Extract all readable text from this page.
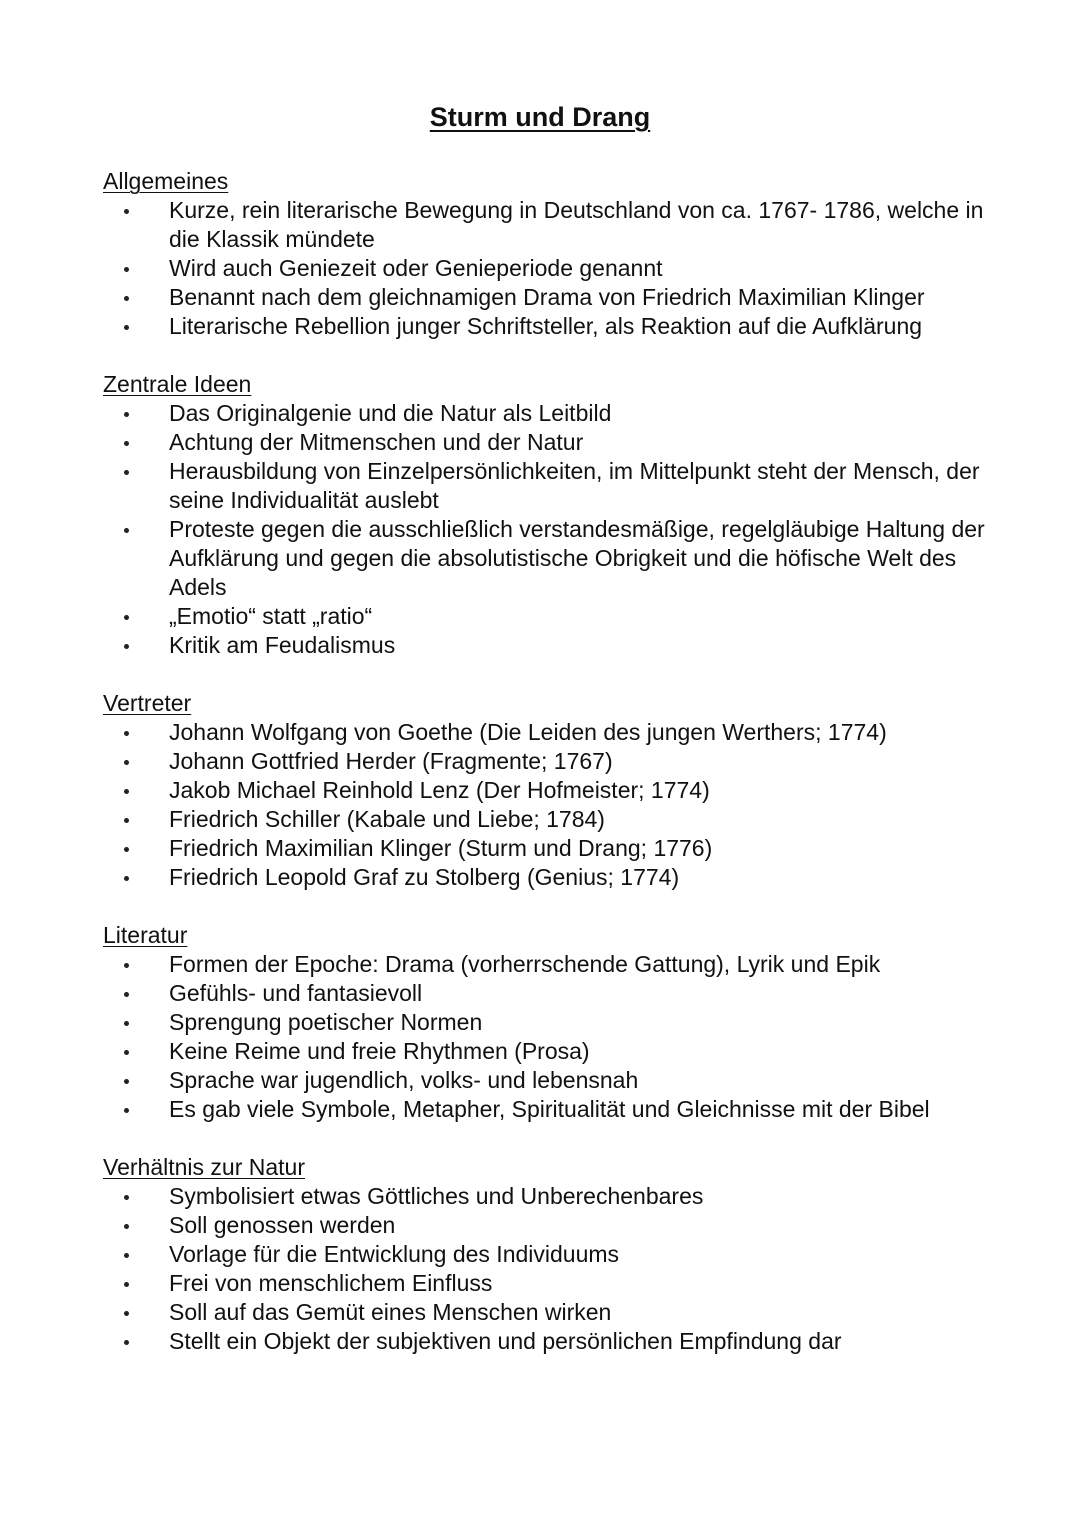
Sturm und Drang
Allgemeines
Kurze, rein literarische Bewegung in Deutschland von ca. 1767- 1786, welche in die Klassik mündete
Wird auch Geniezeit oder Genieperiode genannt
Benannt nach dem gleichnamigen Drama von Friedrich Maximilian Klinger
Literarische Rebellion junger Schriftsteller, als Reaktion auf die Aufklärung
Zentrale Ideen
Das Originalgenie und die Natur als Leitbild
Achtung der Mitmenschen und der Natur
Herausbildung von Einzelpersönlichkeiten, im Mittelpunkt steht der Mensch, der seine Individualität auslebt
Proteste gegen die ausschließlich verstandesmäßige, regelgläubige Haltung der Aufklärung und gegen die absolutistische Obrigkeit und die höfische Welt des Adels
„Emotio“ statt „ratio“
Kritik am Feudalismus
Vertreter
Johann Wolfgang von Goethe (Die Leiden des jungen Werthers; 1774)
Johann Gottfried Herder (Fragmente; 1767)
Jakob Michael Reinhold Lenz (Der Hofmeister; 1774)
Friedrich Schiller (Kabale und Liebe; 1784)
Friedrich Maximilian Klinger (Sturm und Drang; 1776)
Friedrich Leopold Graf zu Stolberg (Genius; 1774)
Literatur
Formen der Epoche: Drama (vorherrschende Gattung), Lyrik und Epik
Gefühls- und fantasievoll
Sprengung poetischer Normen
Keine Reime und freie Rhythmen (Prosa)
Sprache war jugendlich, volks- und lebensnah
Es gab viele Symbole, Metapher, Spiritualität und Gleichnisse mit der Bibel
Verhältnis zur Natur
Symbolisiert etwas Göttliches und Unberechenbares
Soll genossen werden
Vorlage für die Entwicklung des Individuums
Frei von menschlichem Einfluss
Soll auf das Gemüt eines Menschen wirken
Stellt ein Objekt der subjektiven und persönlichen Empfindung dar
